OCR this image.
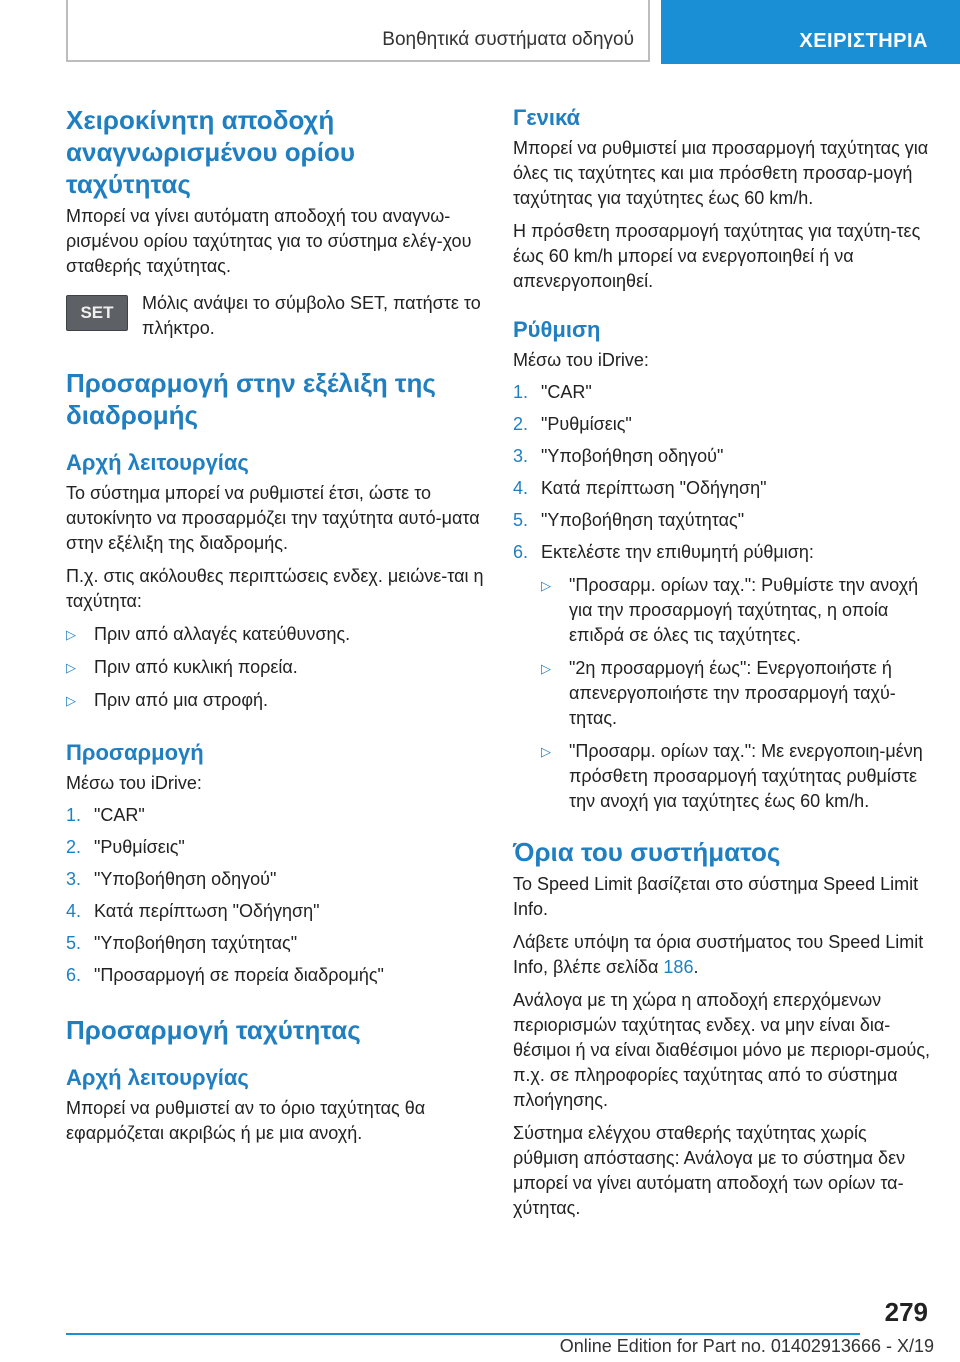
Βοηθητικά συστήματα οδηγού	ΧΕΙΡΙΣΤΗΡΙΑ
Χειροκίνητη αποδοχή αναγνωρισμένου ορίου ταχύτητας

Μπορεί να γίνει αυτόματη αποδοχή του αναγνω-ρισμένου ορίου ταχύτητας για το σύστημα ελέγ-χου σταθερής ταχύτητας.

SET	Μόλις ανάψει το σύμβολο SET, πατήστε το πλήκτρο.

Προσαρμογή στην εξέλιξη της διαδρομής
Αρχή λειτουργίας

Το σύστημα μπορεί να ρυθμιστεί έτσι, ώστε το αυτοκίνητο να προσαρμόζει την ταχύτητα αυτό-ματα στην εξέλιξη της διαδρομής.

Π.χ. στις ακόλουθες περιπτώσεις ενδεχ. μειώνε-ται η ταχύτητα:

▷ Πριν από αλλαγές κατεύθυνσης.
▷ Πριν από κυκλική πορεία.
▷ Πριν από μια στροφή.
Προσαρμογή

Μέσω του iDrive:

1. "CAR"
2. "Ρυθμίσεις"
3. "Υποβοήθηση οδηγού"
4. Κατά περίπτωση "Οδήγηση"
5. "Υποβοήθηση ταχύτητας"
6. "Προσαρμογή σε πορεία διαδρομής"
Προσαρμογή ταχύτητας
Αρχή λειτουργίας

Μπορεί να ρυθμιστεί αν το όριο ταχύτητας θα εφαρμόζεται ακριβώς ή με μια ανοχή.

Γενικά

Μπορεί να ρυθμιστεί μια προσαρμογή ταχύτητας για όλες τις ταχύτητες και μια πρόσθετη προσαρ-μογή ταχύτητας για ταχύτητες έως 60 km/h.

Η πρόσθετη προσαρμογή ταχύτητας για ταχύτη-τες έως 60 km/h μπορεί να ενεργοποιηθεί ή να απενεργοποιηθεί.

Ρύθμιση

Μέσω του iDrive:

1. "CAR"
2. "Ρυθμίσεις"
3. "Υποβοήθηση οδηγού"
4. Κατά περίπτωση "Οδήγηση"
5. "Υποβοήθηση ταχύτητας"
6. Εκτελέστε την επιθυμητή ρύθμιση:
▷ "Προσαρμ. ορίων ταχ.": Ρυθμίστε την ανοχή για την προσαρμογή ταχύτητας, η οποία επιδρά σε όλες τις ταχύτητες.
▷ "2η προσαρμογή έως": Ενεργοποιήστε ή απενεργοποιήστε την προσαρμογή ταχύ-τητας.
▷ "Προσαρμ. ορίων ταχ.": Με ενεργοποιη-μένη πρόσθετη προσαρμογή ταχύτητας ρυθμίστε την ανοχή για ταχύτητες έως 60 km/h.
Όρια του συστήματος

Το Speed Limit βασίζεται στο σύστημα Speed Limit Info.

Λάβετε υπόψη τα όρια συστήματος του Speed Limit Info, βλέπε σελίδα 186.

Ανάλογα με τη χώρα η αποδοχή επερχόμενων περιορισμών ταχύτητας ενδεχ. να μην είναι δια-θέσιμοι ή να είναι διαθέσιμοι μόνο με περιορι-σμούς, π.χ. σε πληροφορίες ταχύτητας από το σύστημα πλοήγησης.

Σύστημα ελέγχου σταθερής ταχύτητας χωρίς ρύθμιση απόστασης: Ανάλογα με το σύστημα δεν μπορεί να γίνει αυτόματη αποδοχή των ορίων τα-χύτητας.

279
Online Edition for Part no. 01402913666 - X/19
